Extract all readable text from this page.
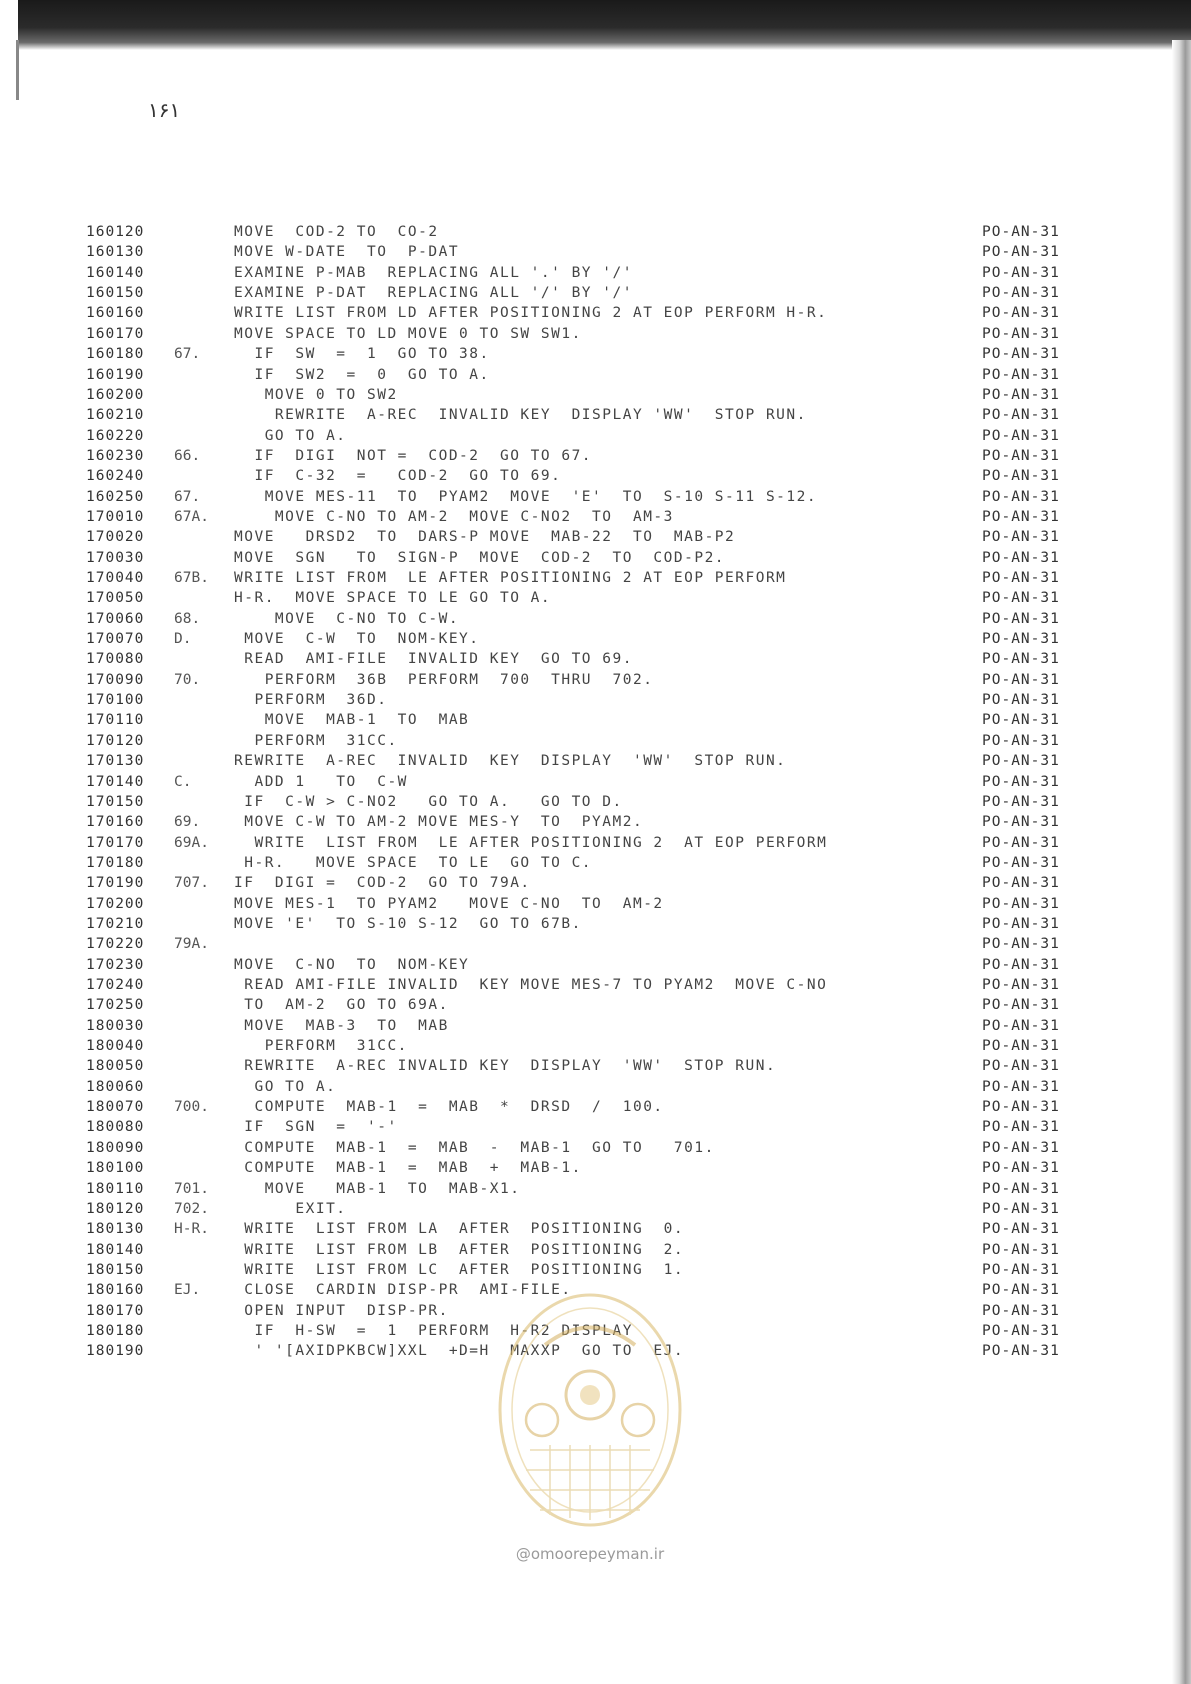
۱۶۱
160120	MOVE  COD-2 TO  CO-2	PO-AN-31
160130	MOVE W-DATE  TO  P-DAT	PO-AN-31
160140	EXAMINE P-MAB  REPLACING ALL '.' BY '/'	PO-AN-31
160150	EXAMINE P-DAT  REPLACING ALL '/' BY '/'	PO-AN-31
160160	WRITE LIST FROM LD AFTER POSITIONING 2 AT EOP PERFORM H-R.	PO-AN-31
160170	MOVE SPACE TO LD MOVE 0 TO SW SW1.	PO-AN-31
160180 67. IF  SW  =  1  GO TO 38.	PO-AN-31
160190	IF  SW2  =  0  GO TO A.	PO-AN-31
160200	MOVE 0 TO SW2	PO-AN-31
160210	REWRITE  A-REC  INVALID KEY  DISPLAY 'WW'  STOP RUN.	PO-AN-31
160220	GO TO A.	PO-AN-31
160230 66. IF  DIGI  NOT =  COD-2  GO TO 67.	PO-AN-31
160240	IF  C-32  =   COD-2  GO TO 69.	PO-AN-31
160250 67. MOVE MES-11  TO  PYAM2  MOVE  'E'  TO  S-10 S-11 S-12.	PO-AN-31
170010 67A. MOVE C-NO TO AM-2  MOVE C-NO2  TO  AM-3	PO-AN-31
170020	MOVE   DRSD2  TO  DARS-P MOVE  MAB-22  TO  MAB-P2	PO-AN-31
170030	MOVE  SGN   TO  SIGN-P  MOVE  COD-2  TO  COD-P2.	PO-AN-31
170040 67B. WRITE LIST FROM  LE AFTER POSITIONING 2 AT EOP PERFORM	PO-AN-31
170050	H-R.  MOVE SPACE TO LE GO TO A.	PO-AN-31
170060 68. MOVE  C-NO TO C-W.	PO-AN-31
170070 D.	MOVE  C-W  TO  NOM-KEY.	PO-AN-31
170080	READ  AMI-FILE  INVALID KEY  GO TO 69.	PO-AN-31
170090 70. PERFORM  36B  PERFORM  700  THRU  702.	PO-AN-31
170100	PERFORM  36D.	PO-AN-31
170110	MOVE  MAB-1  TO  MAB	PO-AN-31
170120	PERFORM  31CC.	PO-AN-31
170130	REWRITE  A-REC  INVALID  KEY  DISPLAY  'WW'  STOP RUN.	PO-AN-31
170140 C.	ADD 1   TO  C-W	PO-AN-31
170150	IF  C-W > C-NO2   GO TO A.   GO TO D.	PO-AN-31
170160 69. MOVE C-W TO AM-2 MOVE MES-Y  TO  PYAM2.	PO-AN-31
170170 69A. WRITE  LIST FROM  LE AFTER POSITIONING 2  AT EOP PERFORM	PO-AN-31
170180	H-R.   MOVE SPACE  TO LE  GO TO C.	PO-AN-31
170190 707. IF  DIGI =  COD-2  GO TO 79A.	PO-AN-31
170200	MOVE MES-1  TO PYAM2   MOVE C-NO  TO  AM-2	PO-AN-31
170210	MOVE 'E'  TO S-10 S-12  GO TO 67B.	PO-AN-31
170220 79A.	PO-AN-31
170230	MOVE  C-NO  TO  NOM-KEY	PO-AN-31
170240	READ AMI-FILE INVALID  KEY MOVE MES-7 TO PYAM2  MOVE C-NO	PO-AN-31
170250	TO  AM-2  GO TO 69A.	PO-AN-31
180030	MOVE  MAB-3  TO  MAB	PO-AN-31
180040	PERFORM  31CC.	PO-AN-31
180050	REWRITE  A-REC INVALID KEY  DISPLAY  'WW'  STOP RUN.	PO-AN-31
180060	GO TO A.	PO-AN-31
180070 700. COMPUTE  MAB-1  =  MAB  *  DRSD  /  100.	PO-AN-31
180080	IF  SGN  =  '-'	PO-AN-31
180090	COMPUTE  MAB-1  =  MAB  -  MAB-1  GO TO   701.	PO-AN-31
180100	COMPUTE  MAB-1  =  MAB  +  MAB-1.	PO-AN-31
180110 701. MOVE   MAB-1  TO  MAB-X1.	PO-AN-31
180120 702. EXIT.	PO-AN-31
180130 H-R. WRITE  LIST FROM LA  AFTER  POSITIONING  0.	PO-AN-31
180140	WRITE  LIST FROM LB  AFTER  POSITIONING  2.	PO-AN-31
180150	WRITE  LIST FROM LC  AFTER  POSITIONING  1.	PO-AN-31
180160 EJ. CLOSE  CARDIN DISP-PR  AMI-FILE.	PO-AN-31
180170	OPEN INPUT  DISP-PR.	PO-AN-31
180180	IF  H-SW  =  1  PERFORM  H-R2 DISPLAY	PO-AN-31
180190	' '[AXIDPKBCW]XXL  +D=H  MAXXP  GO TO  EJ.	PO-AN-31
@omoorepeyman.ir
